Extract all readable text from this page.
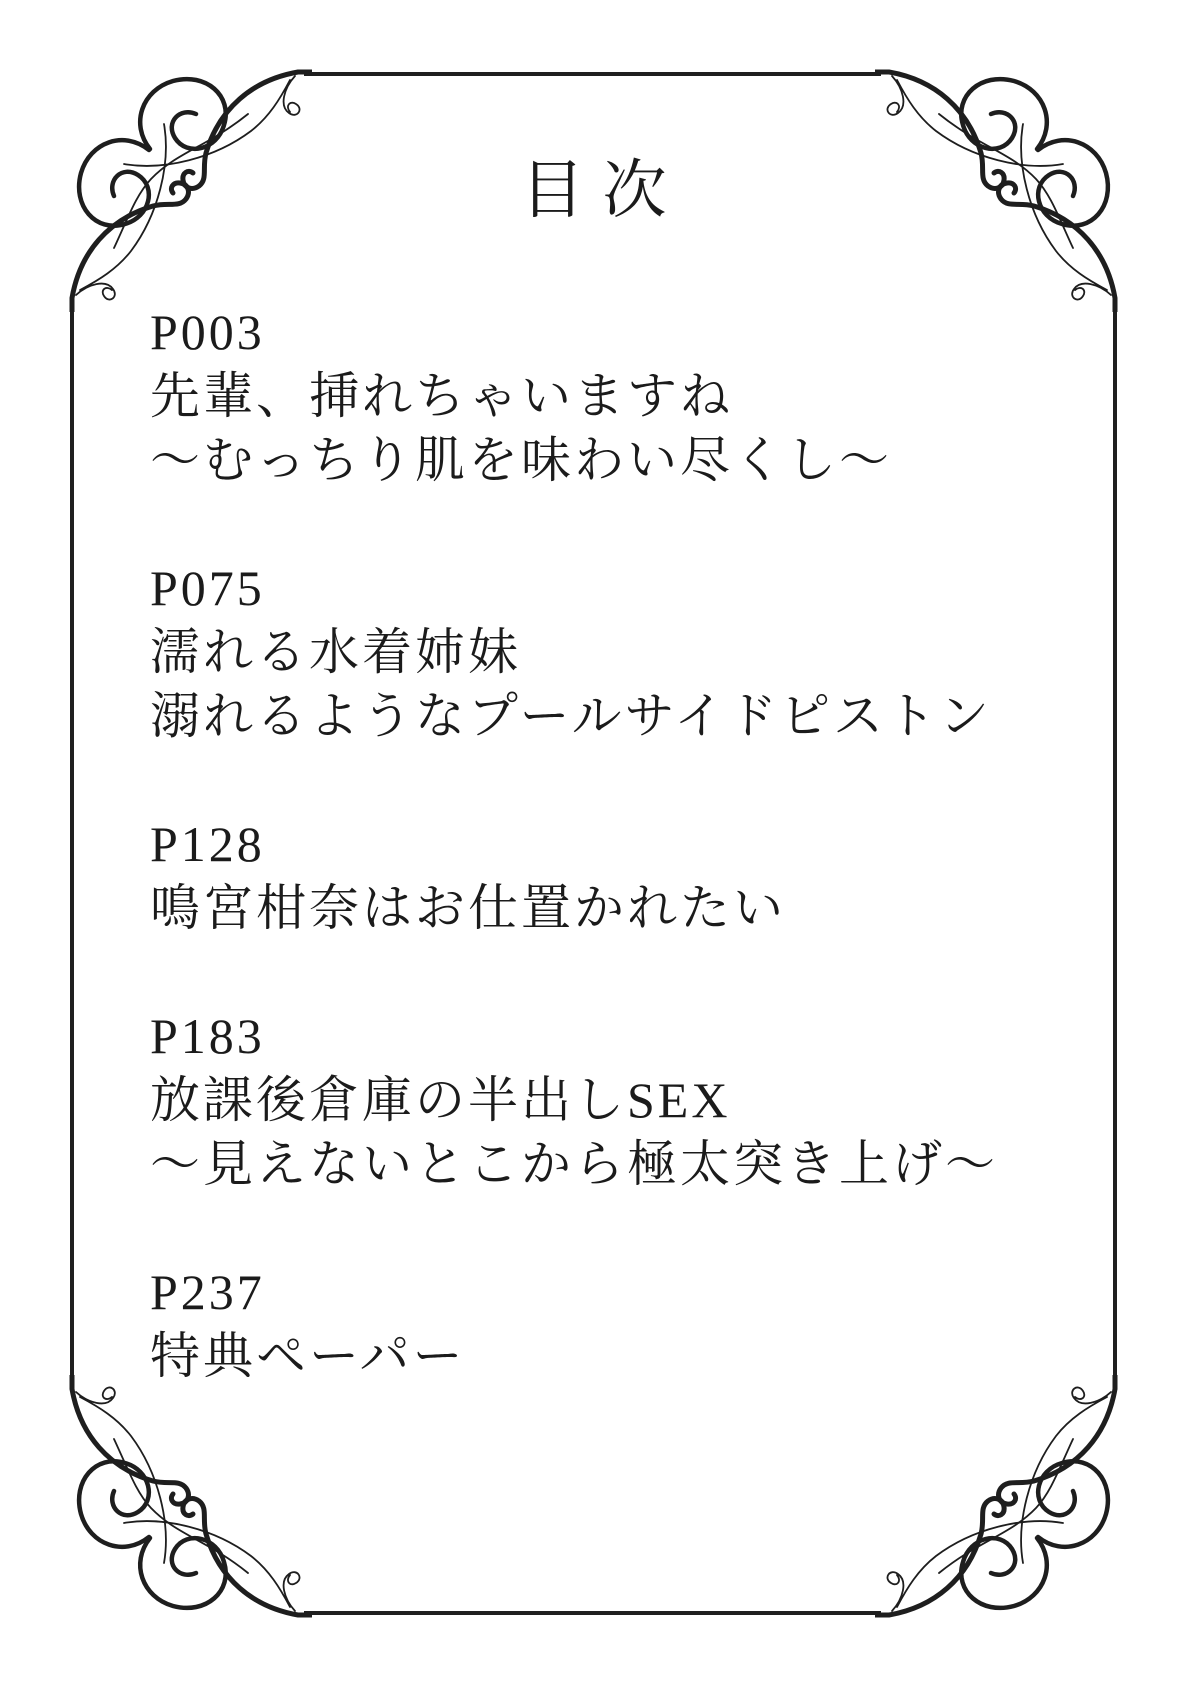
目次
P003
先輩、挿れちゃいますね
～むっちり肌を味わい尽くし～
P075
濡れる水着姉妹
溺れるようなプールサイドピストン
P128
鳴宮柑奈はお仕置かれたい
P183
放課後倉庫の半出しSEX
～見えないとこから極太突き上げ～
P237
特典ペーパー
